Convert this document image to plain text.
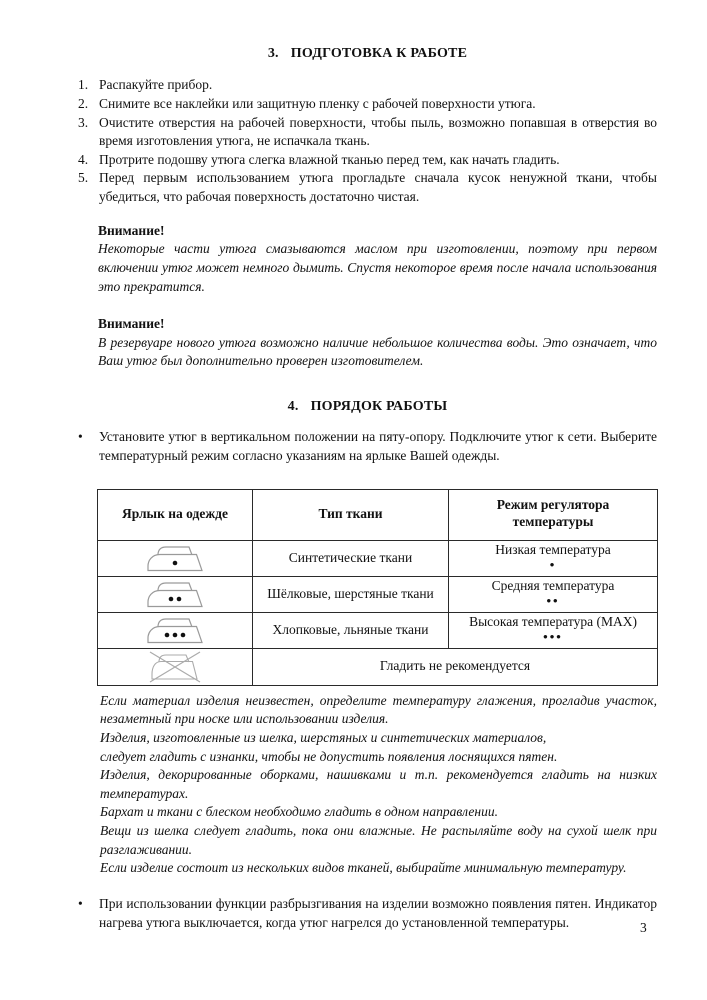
3. ПОДГОТОВКА К РАБОТЕ
1. Распакуйте прибор.
2. Снимите все наклейки или защитную пленку с рабочей поверхности утюга.
3. Очистите отверстия на рабочей поверхности, чтобы пыль, возможно попавшая в отверстия во время изготовления утюга, не испачкала ткань.
4. Протрите подошву утюга слегка влажной тканью перед тем, как начать гладить.
5. Перед первым использованием утюга прогладьте сначала кусок ненужной ткани, чтобы убедиться, что рабочая поверхность достаточно чистая.
Внимание!

Некоторые части утюга смазываются маслом при изготовлении, поэтому при первом включении утюг может немного дымить. Спустя некоторое время после начала использования это прекратится.

Внимание!

В резервуаре нового утюга возможно наличие небольшое количества воды. Это означает, что Ваш утюг был дополнительно проверен изготовителем.

4. ПОРЯДОК РАБОТЫ
•	Установите утюг в вертикальном положении на пяту-опору. Подключите утюг к сети. Выберите температурный режим согласно указаниям на ярлыке Вашей одежды.
Ярлык на одежде	Тип ткани	Режим регулятора температуры
	Синтетические ткани	Низкая температура
•

	Шёлковые, шерстяные ткани	Средняя температура
••

	Хлопковые, льняные ткани	Высокая температура (MAX)
•••

	Гладить не рекомендуется	

Если материал изделия неизвестен, определите температуру глажения, прогладив участок, незаметный при носке или использовании изделия.

Изделия, изготовленные из шелка, шерстяных и синтетических материалов,

следует гладить с изнанки, чтобы не допустить появления лоснящихся пятен.

Изделия, декорированные оборками, нашивками и т.п. рекомендуется гладить на низких температурах.

Бархат и ткани с блеском необходимо гладить в одном направлении.

Вещи из шелка следует гладить, пока они влажные. Не распыляйте воду на сухой шелк при разглаживании.

Если изделие состоит из нескольких видов тканей, выбирайте минимальную температуру.

•	При использовании функции разбрызгивания на изделии возможно появления пятен. Индикатор нагрева утюга выключается, когда утюг нагрелся до установленной температуры.	3
